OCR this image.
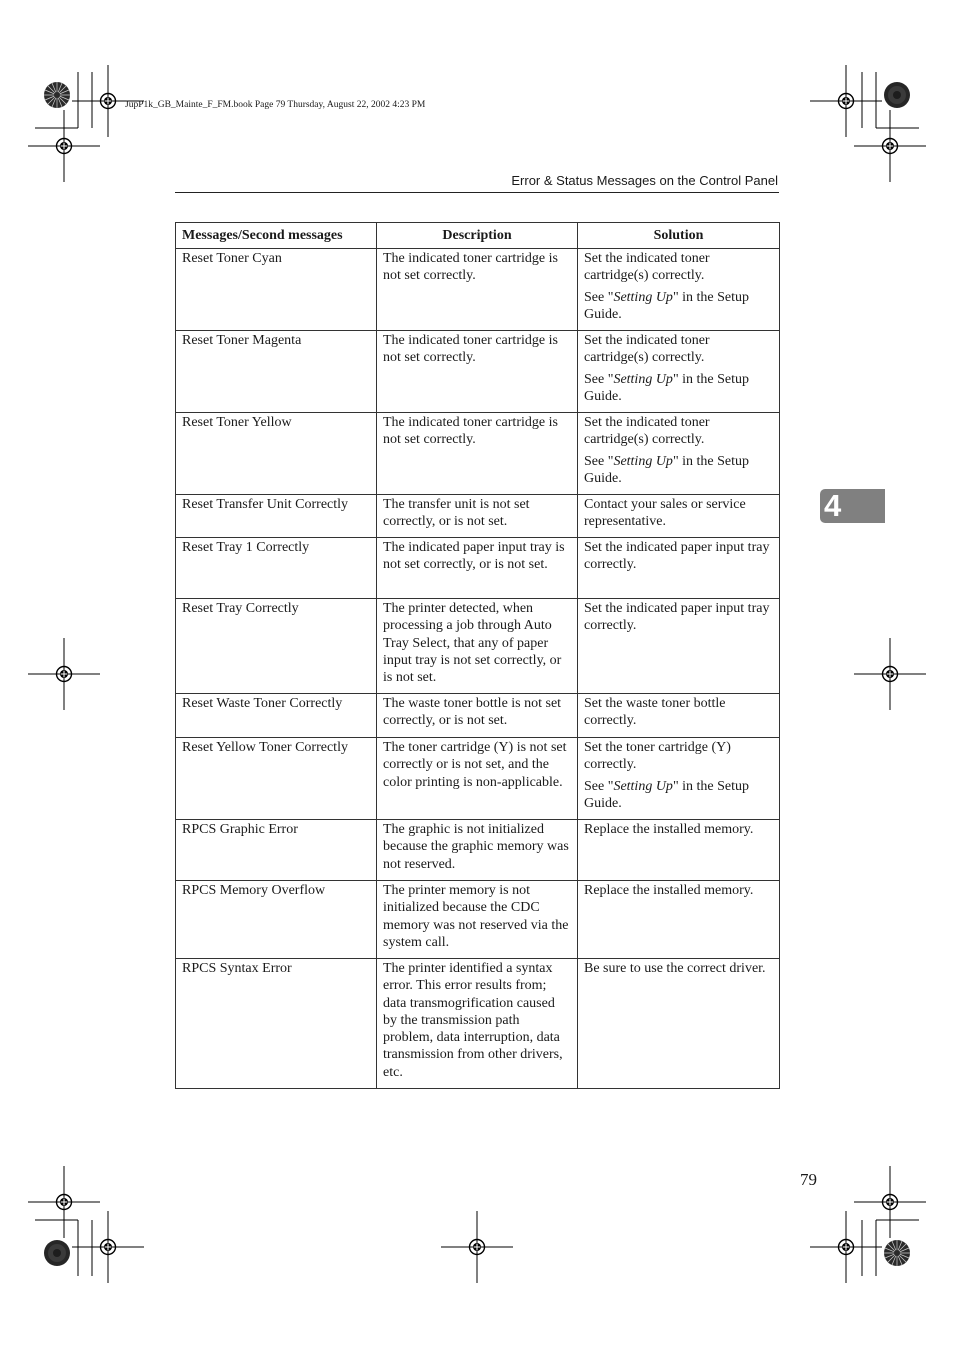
JupP1k_GB_Mainte_F_FM.book Page 79 Thursday, August 22, 2002 4:23 PM
Error & Status Messages on the Control Panel
4
Messages/Second messages	Description	Solution
Reset Toner Cyan	The indicated toner cartridge is not set correctly.	Set the indicated toner cartridge(s) correctly.
See "Setting Up" in the Setup Guide.

Reset Toner Magenta	The indicated toner cartridge is not set correctly.	Set the indicated toner cartridge(s) correctly.
See "Setting Up" in the Setup Guide.

Reset Toner Yellow	The indicated toner cartridge is not set correctly.	Set the indicated toner cartridge(s) correctly.
See "Setting Up" in the Setup Guide.

Reset Transfer Unit Correctly	The transfer unit is not set correctly, or is not set.	Contact your sales or service representative.
Reset Tray 1 Correctly	The indicated paper input tray is not set correctly, or is not set.	Set the indicated paper input tray correctly.
Reset Tray Correctly	The printer detected, when processing a job through Auto Tray Select, that any of paper input tray is not set correctly, or is not set.	Set the indicated paper input tray correctly.
Reset Waste Toner Correctly	The waste toner bottle is not set correctly, or is not set.	Set the waste toner bottle correctly.
Reset Yellow Toner Correctly	The toner cartridge (Y) is not set correctly or is not set, and the color printing is non-applicable.	Set the toner cartridge (Y) correctly.
See "Setting Up" in the Setup Guide.

RPCS Graphic Error	The graphic is not initialized because the graphic memory was not reserved.	Replace the installed memory.
RPCS Memory Overflow	The printer memory is not initialized because the CDC memory was not reserved via the system call.	Replace the installed memory.
RPCS Syntax Error	The printer identified a syntax error. This error results from; data transmogrification caused by the transmission path problem, data interruption, data transmission from other drivers, etc.	Be sure to use the correct driver.
79
